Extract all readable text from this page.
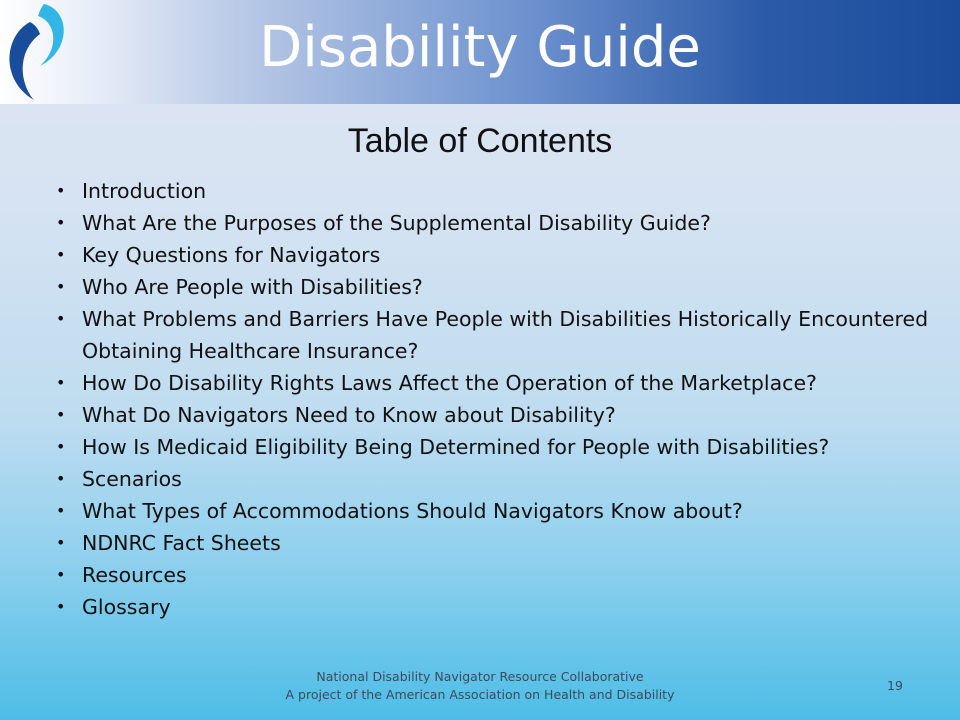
Disability Guide
Table of Contents
• Introduction
• What Are the Purposes of the Supplemental Disability Guide?
• Key Questions for Navigators
• Who Are People with Disabilities?
• What Problems and Barriers Have People with Disabilities Historically Encountered Obtaining Healthcare Insurance?
• How Do Disability Rights Laws Affect the Operation of the Marketplace?
• What Do Navigators Need to Know about Disability?
• How Is Medicaid Eligibility Being Determined for People with Disabilities?
• Scenarios
• What Types of Accommodations Should Navigators Know about?
• NDNRC Fact Sheets
• Resources
• Glossary
National Disability Navigator Resource Collaborative
A project of the American Association on Health and Disability
19
